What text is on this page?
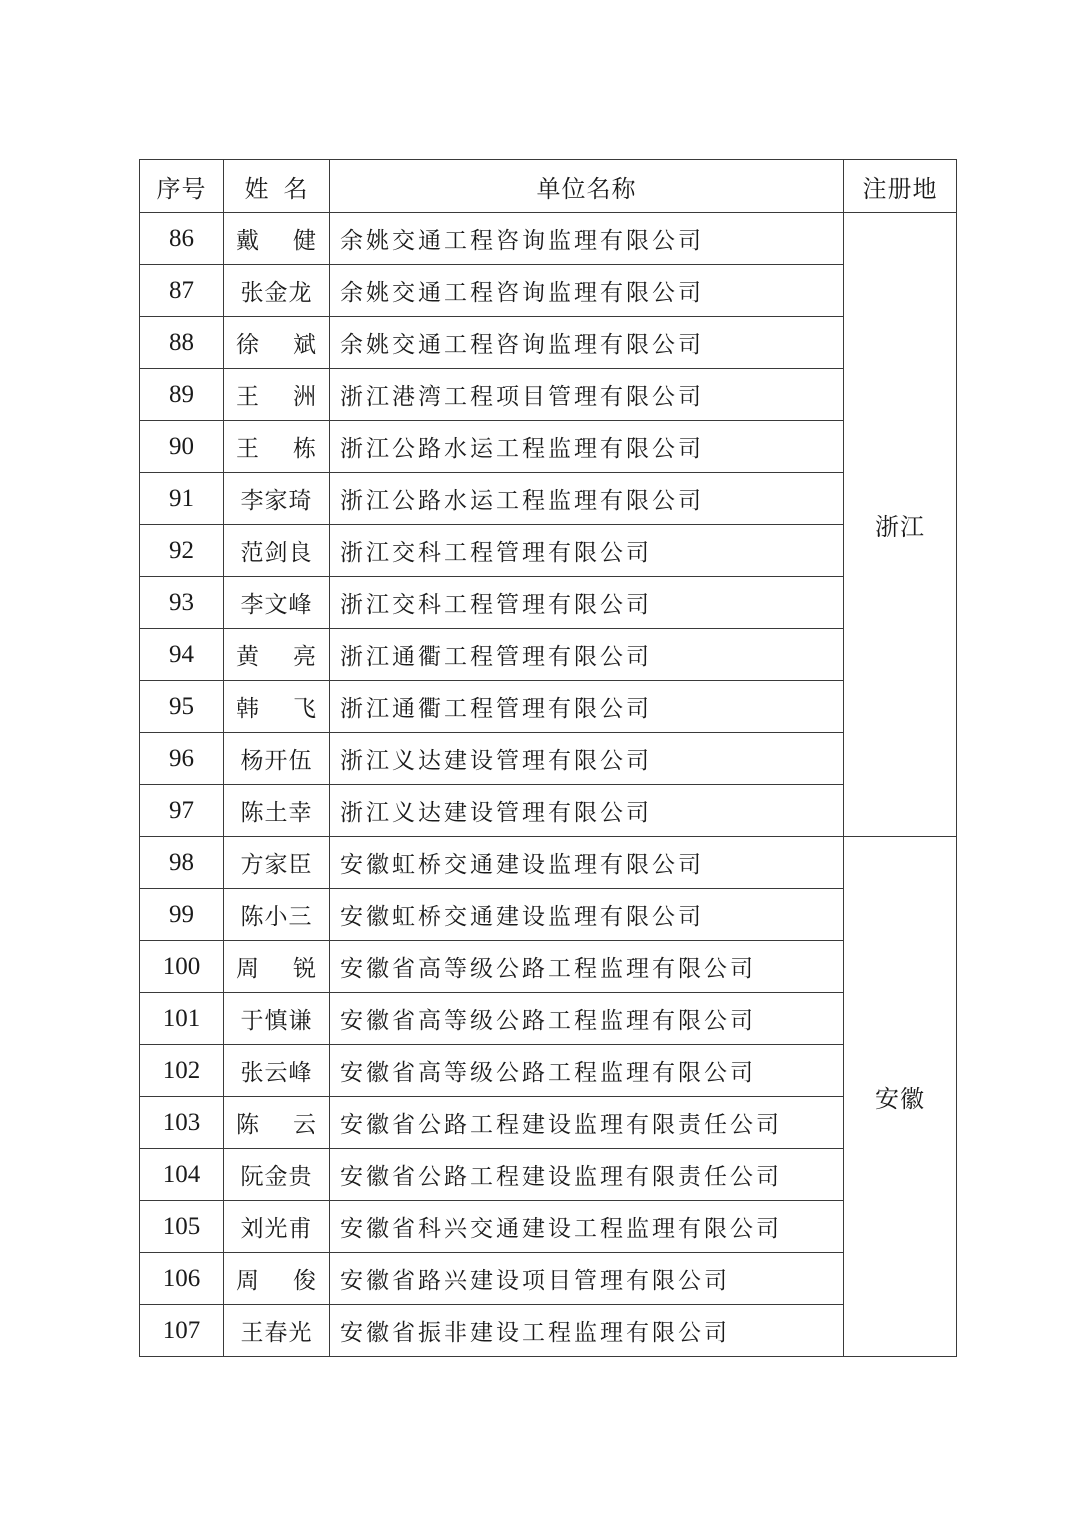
序号	姓 名	单位名称	注册地
86	戴 健	余姚交通工程咨询监理有限公司	浙江
87	张金龙	余姚交通工程咨询监理有限公司	
88	徐 斌	余姚交通工程咨询监理有限公司	
89	王 洲	浙江港湾工程项目管理有限公司	
90	王 栋	浙江公路水运工程监理有限公司	
91	李家琦	浙江公路水运工程监理有限公司	
92	范剑良	浙江交科工程管理有限公司	
93	李文峰	浙江交科工程管理有限公司	
94	黄 亮	浙江通衢工程管理有限公司	
95	韩 飞	浙江通衢工程管理有限公司	
96	杨开伍	浙江义达建设管理有限公司	
97	陈土幸	浙江义达建设管理有限公司	
98	方家臣	安徽虹桥交通建设监理有限公司	安徽
99	陈小三	安徽虹桥交通建设监理有限公司	
100	周 锐	安徽省高等级公路工程监理有限公司	
101	于慎谦	安徽省高等级公路工程监理有限公司	
102	张云峰	安徽省高等级公路工程监理有限公司	
103	陈 云	安徽省公路工程建设监理有限责任公司	
104	阮金贵	安徽省公路工程建设监理有限责任公司	
105	刘光甫	安徽省科兴交通建设工程监理有限公司	
106	周 俊	安徽省路兴建设项目管理有限公司	
107	王春光	安徽省振非建设工程监理有限公司	
